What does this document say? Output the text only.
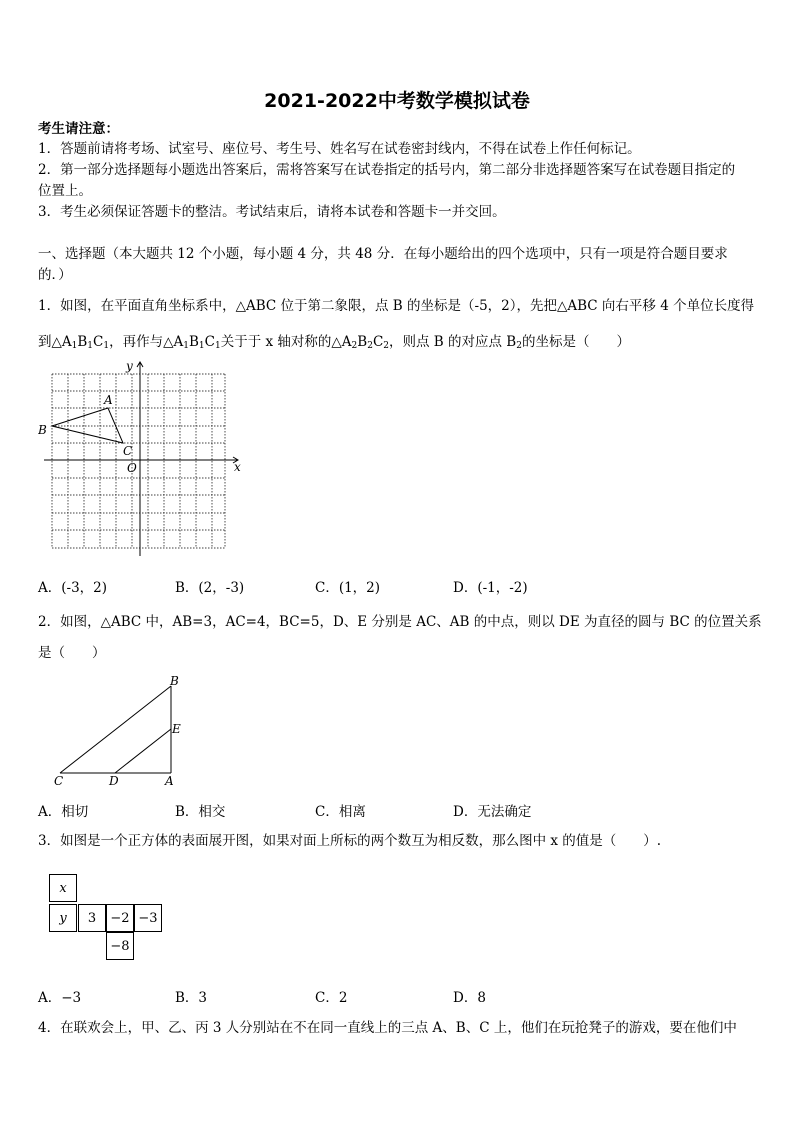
2021-2022中考数学模拟试卷
考生请注意：
1．答题前请将考场、试室号、座位号、考生号、姓名写在试卷密封线内，不得在试卷上作任何标记。
2．第一部分选择题每小题选出答案后，需将答案写在试卷指定的括号内，第二部分非选择题答案写在试卷题目指定的
位置上。
3．考生必须保证答题卡的整洁。考试结束后，请将本试卷和答题卡一并交回。
一、选择题（本大题共 12 个小题，每小题 4 分，共 48 分．在每小题给出的四个选项中，只有一项是符合题目要求
的．）
1．如图，在平面直角坐标系中，△ABC 位于第二象限，点 B 的坐标是（-5，2），先把△ABC 向右平移 4 个单位长度得
到$\triangle A_1B_1C_1$，再作与$\triangle A_1B_1C_1$关于于 x 轴对称的$\triangle A_2B_2C_2$，则点 B 的对应点 $B_2$的坐标是（　　）
B
A
C
O	x
y
A．(-3，2)	B．(2，-3)	C．(1，2)	D．(-1，-2)
2．如图，△ABC 中，AB=3，AC=4，BC=5，D、E 分别是 AC、AB 的中点，则以 DE 为直径的圆与 BC 的位置关系
是（　　）
B
E
C	D	A
A．相切	B．相交	C．相离	D．无法确定
3．如图是一个正方体的表面展开图，如果对面上所标的两个数互为相反数，那么图中 x 的值是（　　）.
x
y	3	−2 −3
−8
A．−3	B．3	C．2	D．8
4．在联欢会上，甲、乙、丙 3 人分别站在不在同一直线上的三点 A、B、C 上，他们在玩抢凳子的游戏，要在他们中
